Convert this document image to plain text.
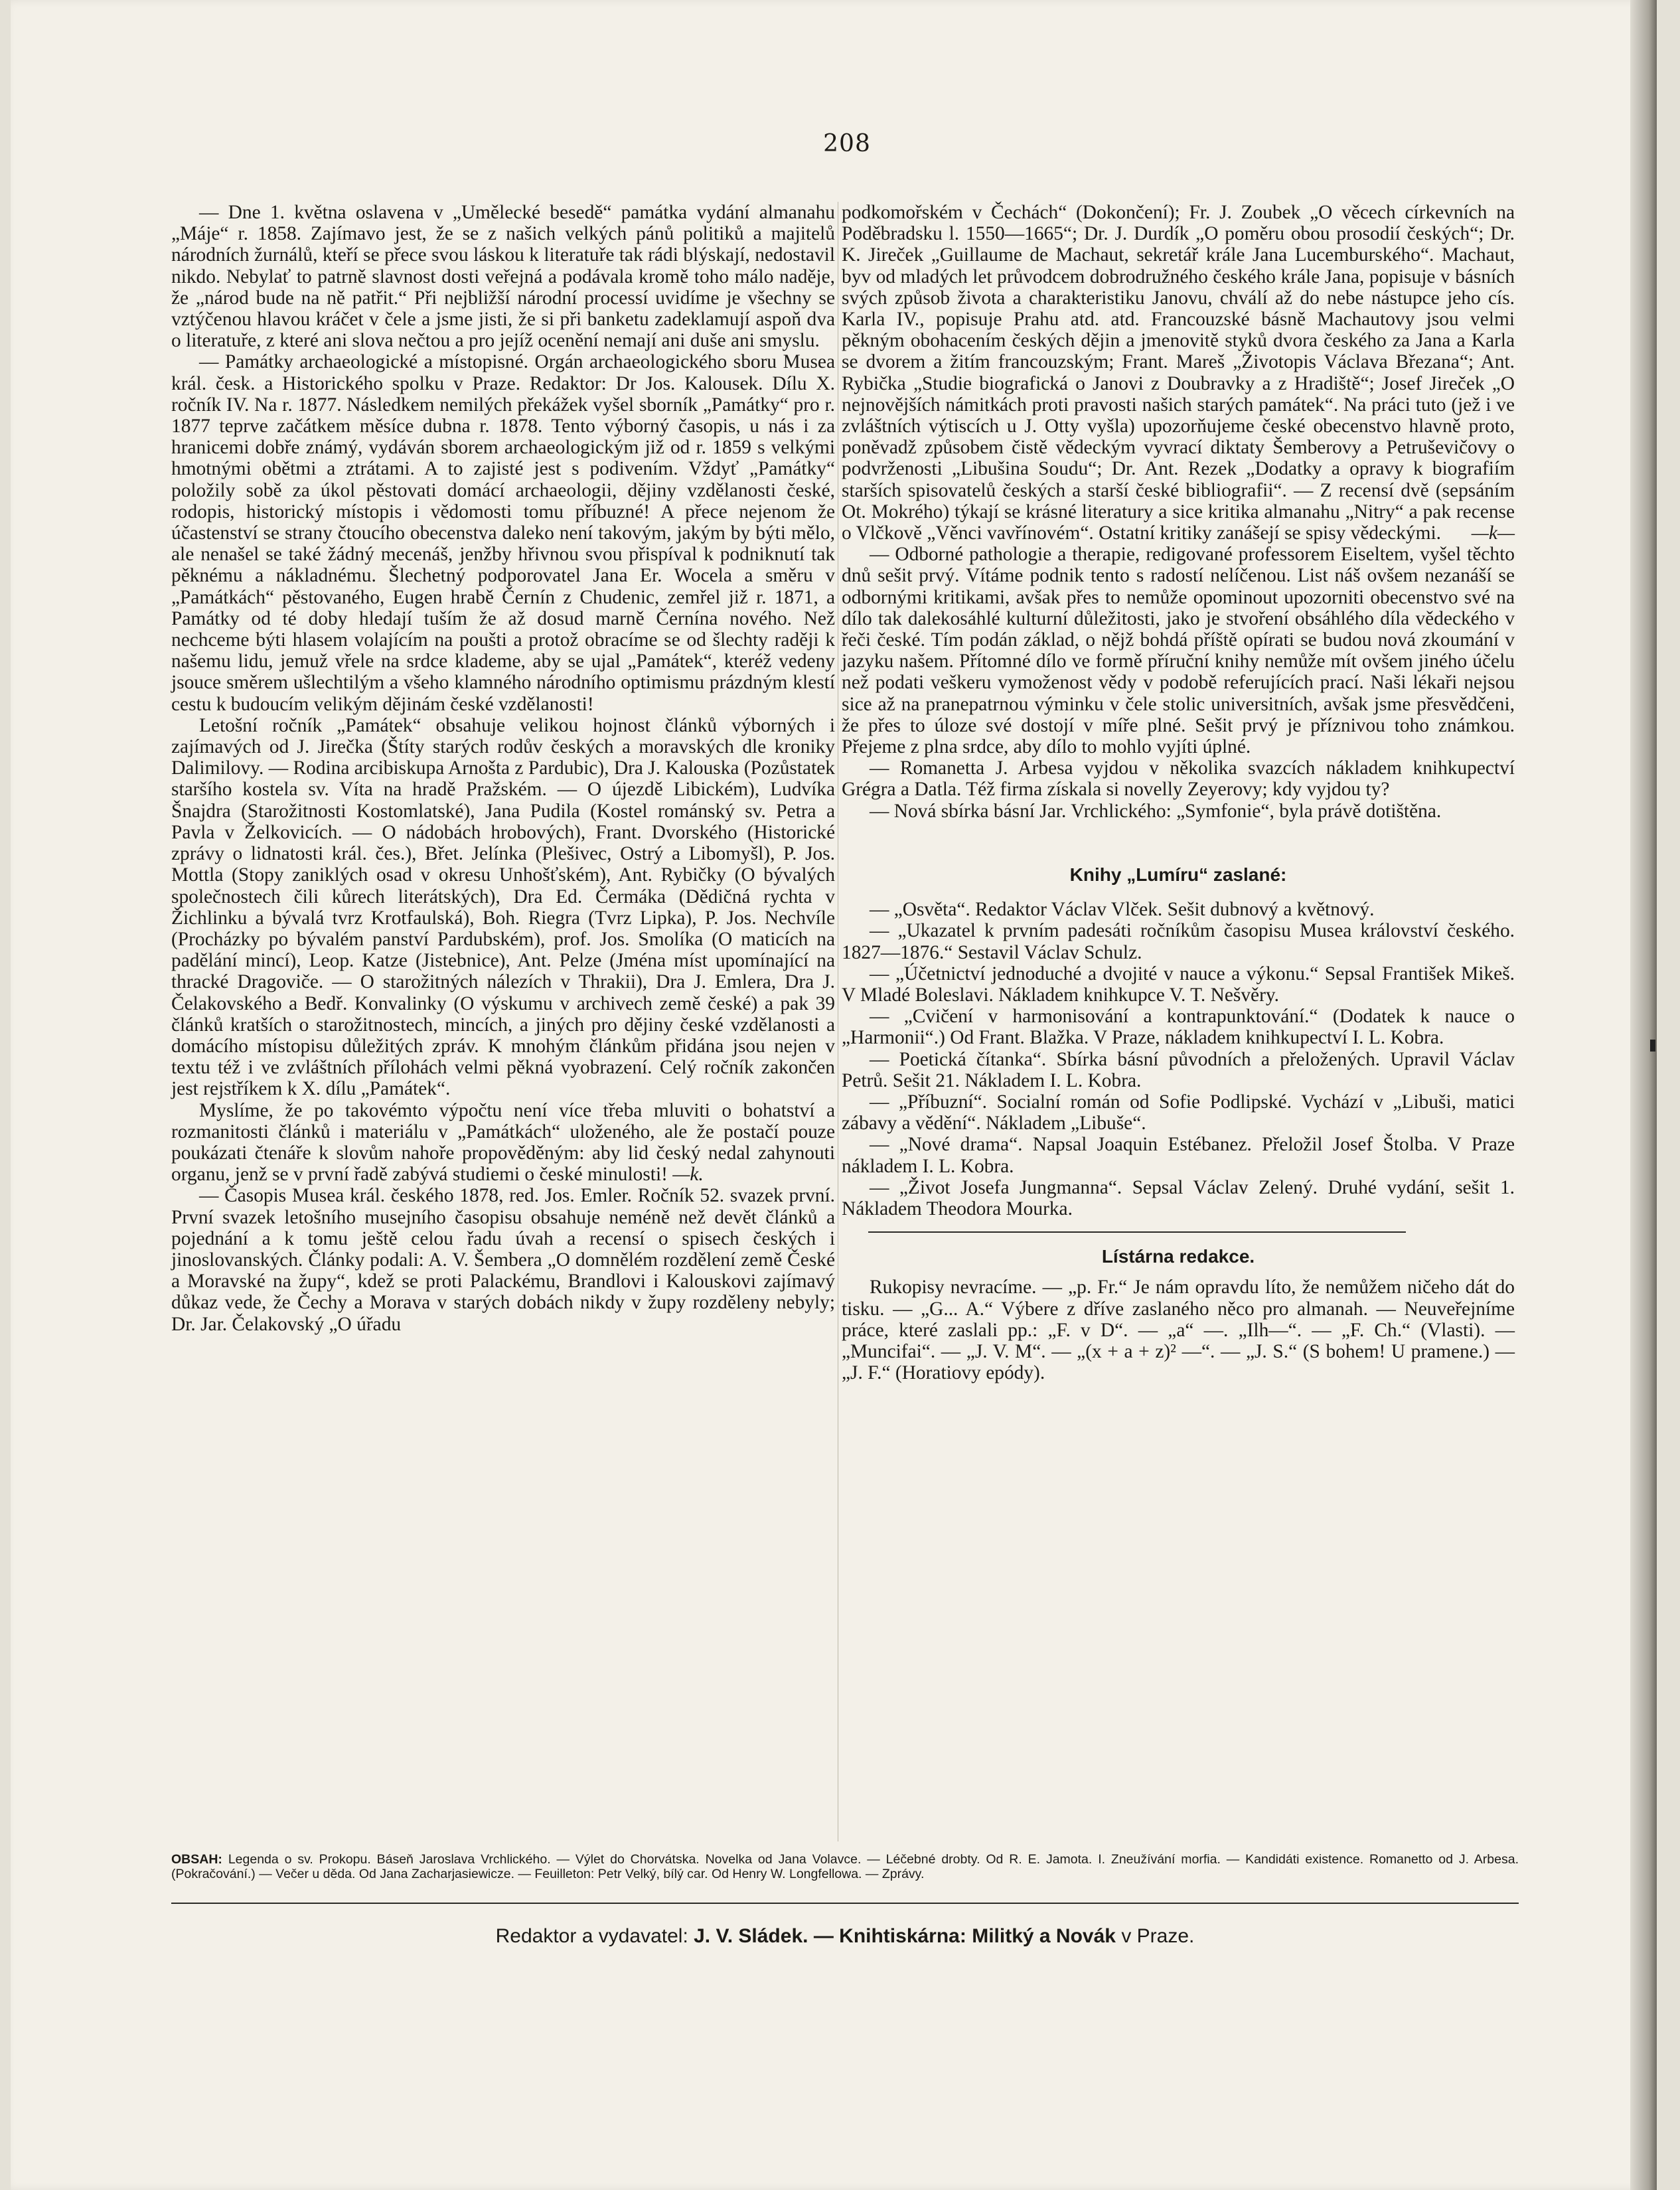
208

— Dne 1. května oslavena v „Umělecké besedě“ památka vydání almanahu „Máje“ r. 1858. Zajímavo jest, že se z našich velkých pánů politiků a majitelů národních žurnálů, kteří se přece svou láskou k literatuře tak rádi blýskají, nedostavil nikdo. Nebylať to patrně slavnost dosti veřejná a podávala kromě toho málo naděje, že „národ bude na ně patřit.“ Při nejbližší národní processí uvidíme je všechny se vztýčenou hlavou kráčet v čele a jsme jisti, že si při banketu zadeklamují aspoň dva o literatuře, z které ani slova nečtou a pro jejíž ocenění nemají ani duše ani smyslu.

— Památky archaeologické a místopisné. Orgán archaeologického sboru Musea král. česk. a Historického spolku v Praze. Redaktor: Dr Jos. Kalousek. Dílu X. ročník IV. Na r. 1877. Následkem nemilých překážek vyšel sborník „Památky“ pro r. 1877 teprve začátkem měsíce dubna r. 1878. Tento výborný časopis, u nás i za hranicemi dobře známý, vydáván sborem archaeologickým již od r. 1859 s velkými hmotnými obětmi a ztrátami. A to zajisté jest s podivením. Vždyť „Památky“ položily sobě za úkol pěstovati domácí archaeologii, dějiny vzdělanosti české, rodopis, historický místopis i vědomosti tomu příbuzné! A přece nejenom že účastenství se strany čtoucího obecenstva daleko není takovým, jakým by býti mělo, ale nenašel se také žádný mecenáš, jenžby hřivnou svou přispíval k podniknutí tak pěknému a nákladnému. Šlechetný podporovatel Jana Er. Wocela a směru v „Památkách“ pěstovaného, Eugen hrabě Černín z Chudenic, zemřel již r. 1871, a Památky od té doby hledají tuším že až dosud marně Černína nového. Než nechceme býti hlasem volajícím na poušti a protož obracíme se od šlechty raději k našemu lidu, jemuž vřele na srdce klademe, aby se ujal „Památek“, kteréž vedeny jsouce směrem ušlechtilým a všeho klamného národního optimismu prázdným klestí cestu k budoucím velikým dějinám české vzdělanosti!

Letošní ročník „Památek“ obsahuje velikou hojnost článků výborných i zajímavých od J. Jirečka (Štíty starých rodův českých a moravských dle kroniky Dalimilovy. — Rodina arcibiskupa Arnošta z Pardubic), Dra J. Kalouska (Pozůstatek staršího kostela sv. Víta na hradě Pražském. — O újezdě Libickém), Ludvíka Šnajdra (Starožitnosti Kostomlatské), Jana Pudila (Kostel románský sv. Petra a Pavla v Želkovicích. — O nádobách hrobových), Frant. Dvorského (Historické zprávy o lidnatosti král. čes.), Břet. Jelínka (Plešivec, Ostrý a Libomyšl), P. Jos. Mottla (Stopy zaniklých osad v okresu Unhošťském), Ant. Rybičky (O bývalých společnostech čili kůrech literátských), Dra Ed. Čermáka (Dědičná rychta v Žichlinku a bývalá tvrz Krotfaulská), Boh. Riegra (Tvrz Lipka), P. Jos. Nechvíle (Procházky po bývalém panství Pardubském), prof. Jos. Smolíka (O maticích na padělání mincí), Leop. Katze (Jistebnice), Ant. Pelze (Jména míst upomínající na thracké Dragoviče. — O starožitných nálezích v Thrakii), Dra J. Emlera, Dra J. Čelakovského a Bedř. Konvalinky (O výskumu v archivech země české) a pak 39 článků kratších o starožitnostech, mincích, a jiných pro dějiny české vzdělanosti a domácího místopisu důležitých zpráv. K mnohým článkům přidána jsou nejen v textu též i ve zvláštních přílohách velmi pěkná vyobrazení. Celý ročník zakončen jest rejstříkem k X. dílu „Památek“.

Myslíme, že po takovémto výpočtu není více třeba mluviti o bohatství a rozmanitosti článků i materiálu v „Památkách“ uloženého, ale že postačí pouze poukázati čtenáře k slovům nahoře propověděným: aby lid český nedal zahynouti organu, jenž se v první řadě zabývá studiemi o české minulosti! —k.

— Časopis Musea král. českého 1878, red. Jos. Emler. Ročník 52. svazek první. První svazek letošního musejního časopisu obsahuje neméně než devět článků a pojednání a k tomu ještě celou řadu úvah a recensí o spisech českých i jinoslovanských. Články podali: A. V. Šembera „O domnělém rozdělení země České a Moravské na župy“, kdež se proti Palackému, Brandlovi i Kalouskovi zajímavý důkaz vede, že Čechy a Morava v starých dobách nikdy v župy rozděleny nebyly; Dr. Jar. Čelakovský „O úřadu

podkomořském v Čechách“ (Dokončení); Fr. J. Zoubek „O věcech církevních na Poděbradsku l. 1550—1665“; Dr. J. Durdík „O poměru obou prosodií českých“; Dr. K. Jireček „Guillaume de Machaut, sekretář krále Jana Lucemburského“. Machaut, byv od mladých let průvodcem dobrodružného českého krále Jana, popisuje v básních svých způsob života a charakteristiku Janovu, chválí až do nebe nástupce jeho cís. Karla IV., popisuje Prahu atd. atd. Francouzské básně Machautovy jsou velmi pěkným obohacením českých dějin a jmenovitě styků dvora českého za Jana a Karla se dvorem a žitím francouzským; Frant. Mareš „Životopis Václava Březana“; Ant. Rybička „Studie biografická o Janovi z Doubravky a z Hradiště“; Josef Jireček „O nejnovějších námitkách proti pravosti našich starých památek“. Na práci tuto (jež i ve zvláštních výtiscích u J. Otty vyšla) upozorňujeme české obecenstvo hlavně proto, poněvadž způsobem čistě vědeckým vyvrací diktaty Šemberovy a Petruševičovy o podvrženosti „Libušina Soudu“; Dr. Ant. Rezek „Dodatky a opravy k biografiím starších spisovatelů českých a starší české bibliografii“. — Z recensí dvě (sepsáním Ot. Mokrého) týkají se krásné literatury a sice kritika almanahu „Nitry“ a pak recense o Vlčkově „Věnci vavřínovém“. Ostatní kritiky zanášejí se spisy vědeckými. —k—

— Odborné pathologie a therapie, redigované professorem Eiseltem, vyšel těchto dnů sešit prvý. Vítáme podnik tento s radostí nelíčenou. List náš ovšem nezanáší se odbornými kritikami, avšak přes to nemůže opominout upozorniti obecenstvo své na dílo tak dalekosáhlé kulturní důležitosti, jako je stvoření obsáhlého díla vědeckého v řeči české. Tím podán základ, o nějž bohdá příště opírati se budou nová zkoumání v jazyku našem. Přítomné dílo ve formě příruční knihy nemůže mít ovšem jiného účelu než podati veškeru vymoženost vědy v podobě referujících prací. Naši lékaři nejsou sice až na pranepatrnou výminku v čele stolic universitních, avšak jsme přesvědčeni, že přes to úloze své dostojí v míře plné. Sešit prvý je příznivou toho známkou. Přejeme z plna srdce, aby dílo to mohlo vyjíti úplné.

— Romanetta J. Arbesa vyjdou v několika svazcích nákladem knihkupectví Grégra a Datla. Též firma získala si novelly Zeyerovy; kdy vyjdou ty?

— Nová sbírka básní Jar. Vrchlického: „Symfonie“, byla právě dotištěna.

Knihy „Lumíru“ zaslané:

— „Osvěta“. Redaktor Václav Vlček. Sešit dubnový a květnový.

— „Ukazatel k prvním padesáti ročníkům časopisu Musea království českého. 1827—1876.“ Sestavil Václav Schulz.

— „Účetnictví jednoduché a dvojité v nauce a výkonu.“ Sepsal František Mikeš. V Mladé Boleslavi. Nákladem knihkupce V. T. Nešvěry.

— „Cvičení v harmonisování a kontrapunktování.“ (Dodatek k nauce o „Harmonii“.) Od Frant. Blažka. V Praze, nákladem knihkupectví I. L. Kobra.

— Poetická čítanka“. Sbírka básní původních a přeložených. Upravil Václav Petrů. Sešit 21. Nákladem I. L. Kobra.

— „Příbuzní“. Socialní román od Sofie Podlipské. Vychází v „Libuši, matici zábavy a vědění“. Nákladem „Libuše“.

— „Nové drama“. Napsal Joaquin Estébanez. Přeložil Josef Štolba. V Praze nákladem I. L. Kobra.

— „Život Josefa Jungmanna“. Sepsal Václav Zelený. Druhé vydání, sešit 1. Nákladem Theodora Mourka.

Lístárna redakce.

Rukopisy nevracíme. — „p. Fr.“ Je nám opravdu líto, že nemůžem ničeho dát do tisku. — „G... A.“ Výbere z dříve zaslaného něco pro almanah. — Neuveřejníme práce, které zaslali pp.: „F. v D“. — „a“ —. „Ilh—“. — „F. Ch.“ (Vlasti). — „Muncifai“. — „J. V. M“. — „(x + a + z)² —“. — „J. S.“ (S bohem! U pramene.) — „J. F.“ (Horatiovy epódy).

OBSAH: Legenda o sv. Prokopu. Báseň Jaroslava Vrchlického. — Výlet do Chorvátska. Novelka od Jana Volavce. — Léčebné drobty. Od R. E. Jamota. I. Zneužívání morfia. — Kandidáti existence. Romanetto od J. Arbesa. (Pokračování.) — Večer u děda. Od Jana Zacharjasiewicze. — Feuilleton: Petr Velký, bílý car. Od Henry W. Longfellowa. — Zprávy.
Redaktor a vydavatel: J. V. Sládek. — Knihtiskárna: Militký a Novák v Praze.
